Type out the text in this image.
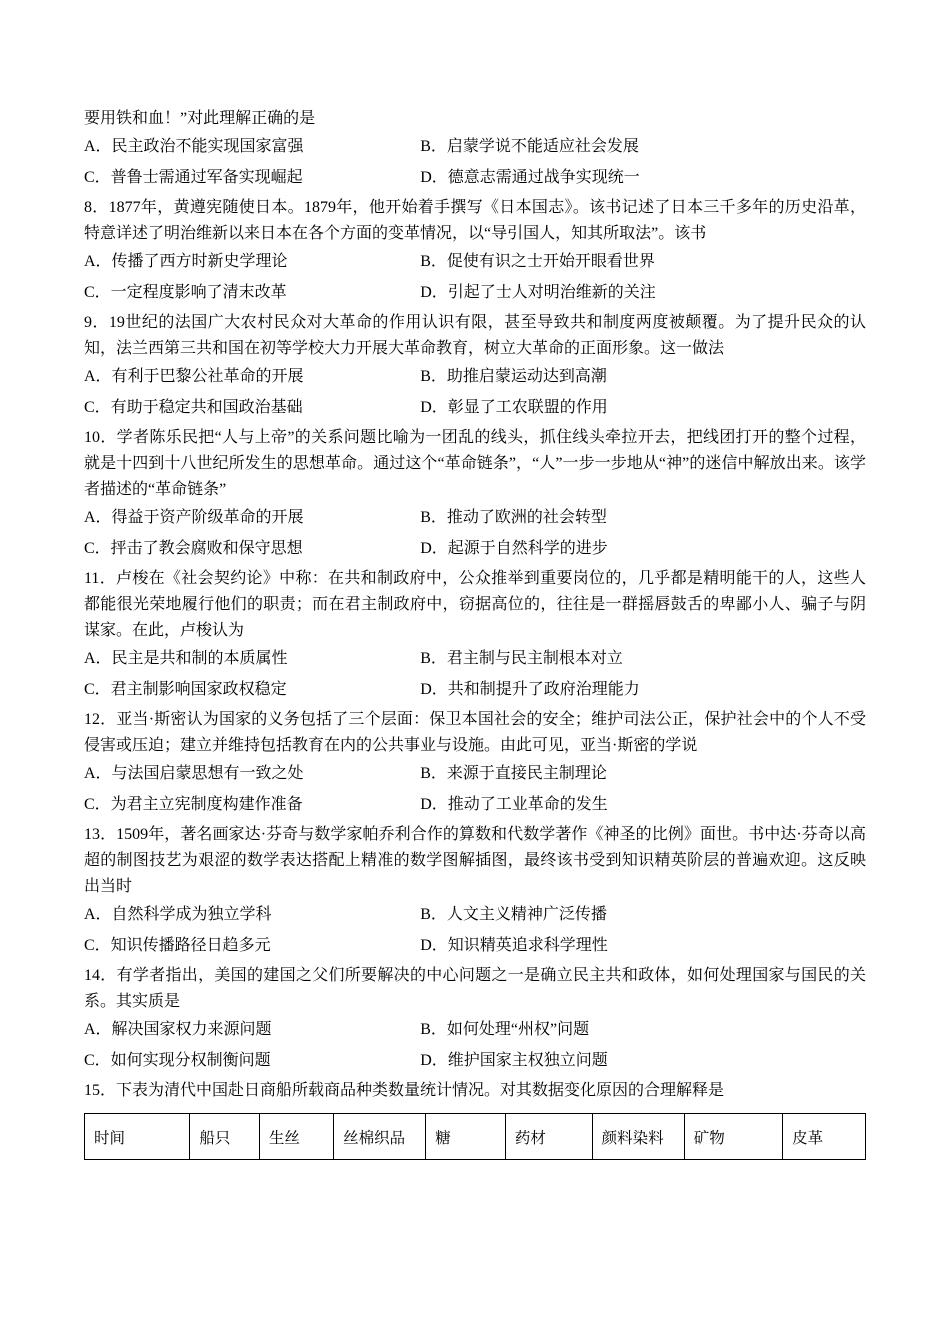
要用铁和血！”对此理解正确的是

A．民主政治不能实现国家富强	B．启蒙学说不能适应社会发展
C．普鲁士需通过军备实现崛起	D．德意志需通过战争实现统一

8．1877年，黄遵宪随使日本。1879年，他开始着手撰写《日本国志》。该书记述了日本三千多年的历史沿革，特意详述了明治维新以来日本在各个方面的变革情况，以“导引国人，知其所取法”。该书

A．传播了西方时新史学理论	B．促使有识之士开始开眼看世界
C．一定程度影响了清末改革	D．引起了士人对明治维新的关注

9．19世纪的法国广大农村民众对大革命的作用认识有限，甚至导致共和制度两度被颠覆。为了提升民众的认知，法兰西第三共和国在初等学校大力开展大革命教育，树立大革命的正面形象。这一做法

A．有利于巴黎公社革命的开展	B．助推启蒙运动达到高潮
C．有助于稳定共和国政治基础	D．彰显了工农联盟的作用

10．学者陈乐民把“人与上帝”的关系问题比喻为一团乱的线头，抓住线头牵拉开去，把线团打开的整个过程，就是十四到十八世纪所发生的思想革命。通过这个“革命链条”，“人”一步一步地从“神”的迷信中解放出来。该学者描述的“革命链条”

A．得益于资产阶级革命的开展	B．推动了欧洲的社会转型
C．抨击了教会腐败和保守思想	D．起源于自然科学的进步

11．卢梭在《社会契约论》中称：在共和制政府中，公众推举到重要岗位的，几乎都是精明能干的人，这些人都能很光荣地履行他们的职责；而在君主制政府中，窃据高位的，往往是一群摇唇鼓舌的卑鄙小人、骗子与阴谋家。在此，卢梭认为

A．民主是共和制的本质属性	B．君主制与民主制根本对立
C．君主制影响国家政权稳定	D．共和制提升了政府治理能力

12．亚当·斯密认为国家的义务包括了三个层面：保卫本国社会的安全；维护司法公正，保护社会中的个人不受侵害或压迫；建立并维持包括教育在内的公共事业与设施。由此可见，亚当·斯密的学说

A．与法国启蒙思想有一致之处	B．来源于直接民主制理论
C．为君主立宪制度构建作准备	D．推动了工业革命的发生

13．1509年，著名画家达·芬奇与数学家帕乔利合作的算数和代数学著作《神圣的比例》面世。书中达·芬奇以高超的制图技艺为艰涩的数学表达搭配上精准的数学图解插图，最终该书受到知识精英阶层的普遍欢迎。这反映出当时

A．自然科学成为独立学科	B．人文主义精神广泛传播
C．知识传播路径日趋多元	D．知识精英追求科学理性

14．有学者指出，美国的建国之父们所要解决的中心问题之一是确立民主共和政体，如何处理国家与国民的关系。其实质是

A．解决国家权力来源问题	B．如何处理“州权”问题
C．如何实现分权制衡问题	D．维护国家主权独立问题

15．下表为清代中国赴日商船所载商品种类数量统计情况。对其数据变化原因的合理解释是

时间	船只	生丝	丝棉织品	糖	药材	颜料染料	矿物	皮革
